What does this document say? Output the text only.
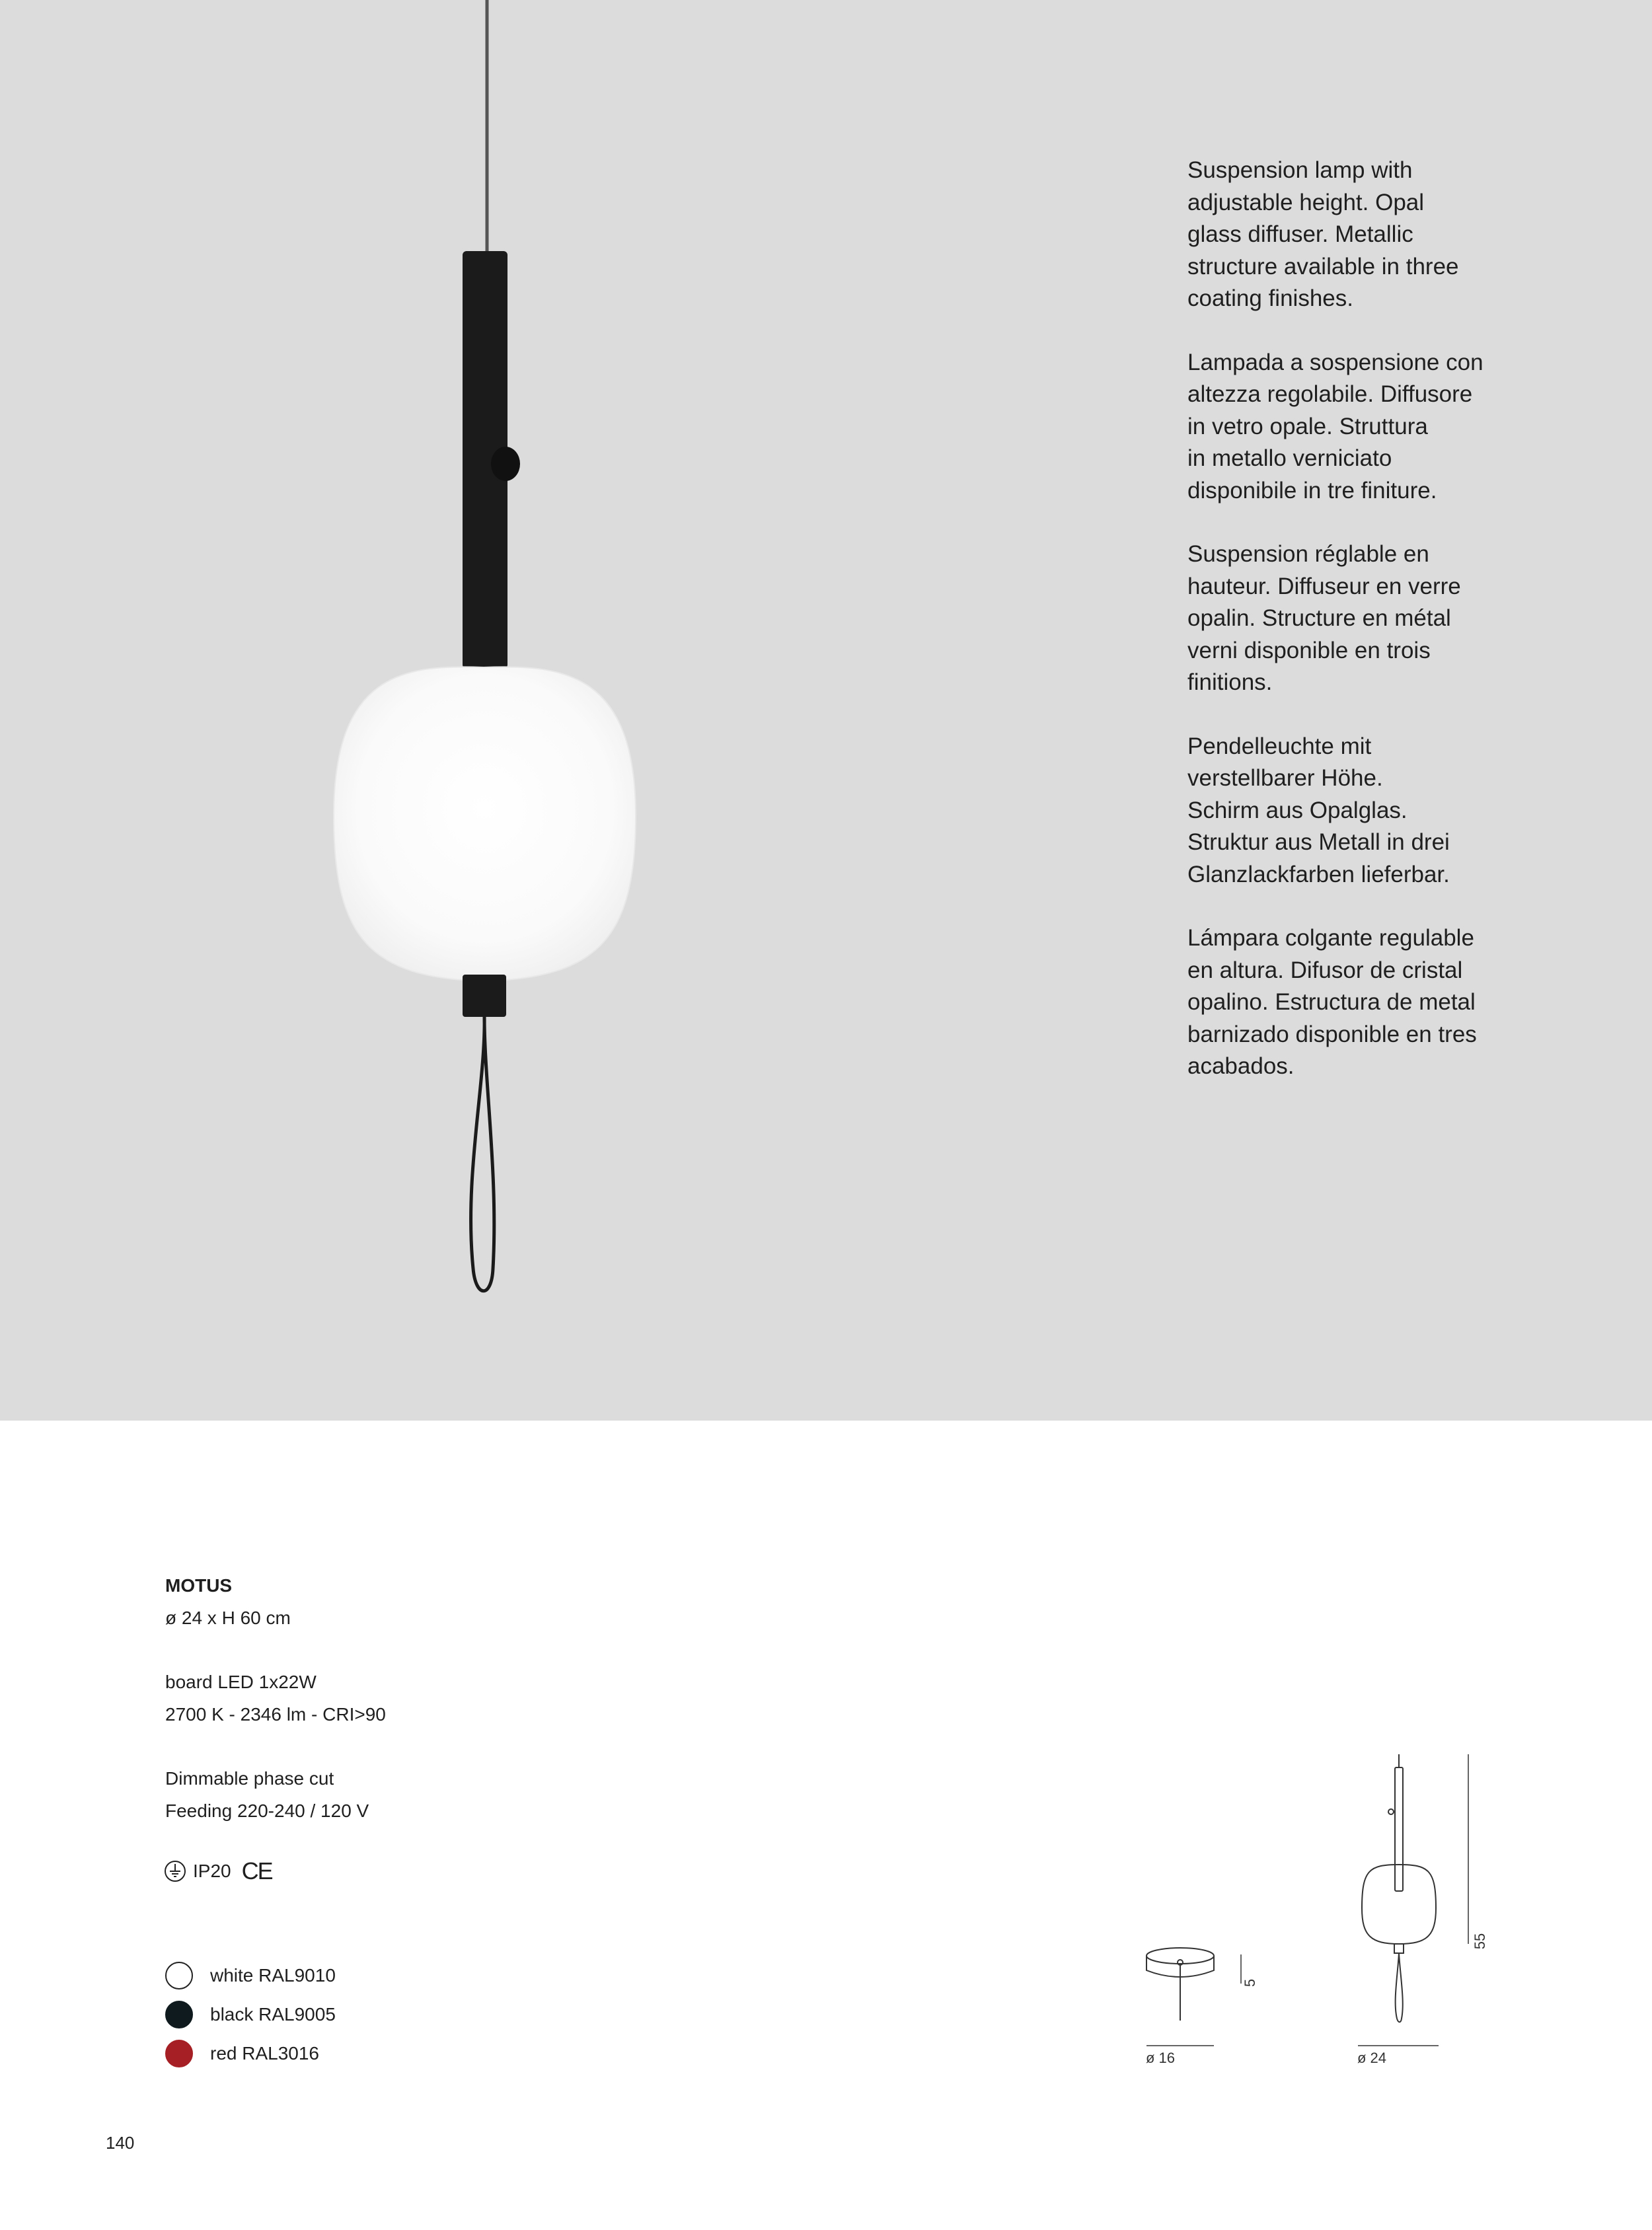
Suspension lamp with
adjustable height. Opal
glass diffuser. Metallic
structure available in three
coating finishes.

Lampada a sospensione con
altezza regolabile. Diffusore
in vetro opale. Struttura
in metallo verniciato
disponibile in tre finiture.

Suspension réglable en
hauteur. Diffuseur en verre
opalin. Structure en métal
verni disponible en trois
finitions.

Pendelleuchte mit
verstellbarer Höhe.
Schirm aus Opalglas.
Struktur aus Metall in drei
Glanzlackfarben lieferbar.

Lámpara colgante regulable
en altura. Difusor de cristal
opalino. Estructura de metal
barnizado disponible en tres
acabados.

MOTUS
ø 24 x H 60 cm
board LED 1x22W
2700 K - 2346 lm - CRI>90
Dimmable phase cut
Feeding 220-240 / 120 V
IP20 CE
white RAL9010
black RAL9005
red RAL3016	ø 16
5
ø 24
55
140
